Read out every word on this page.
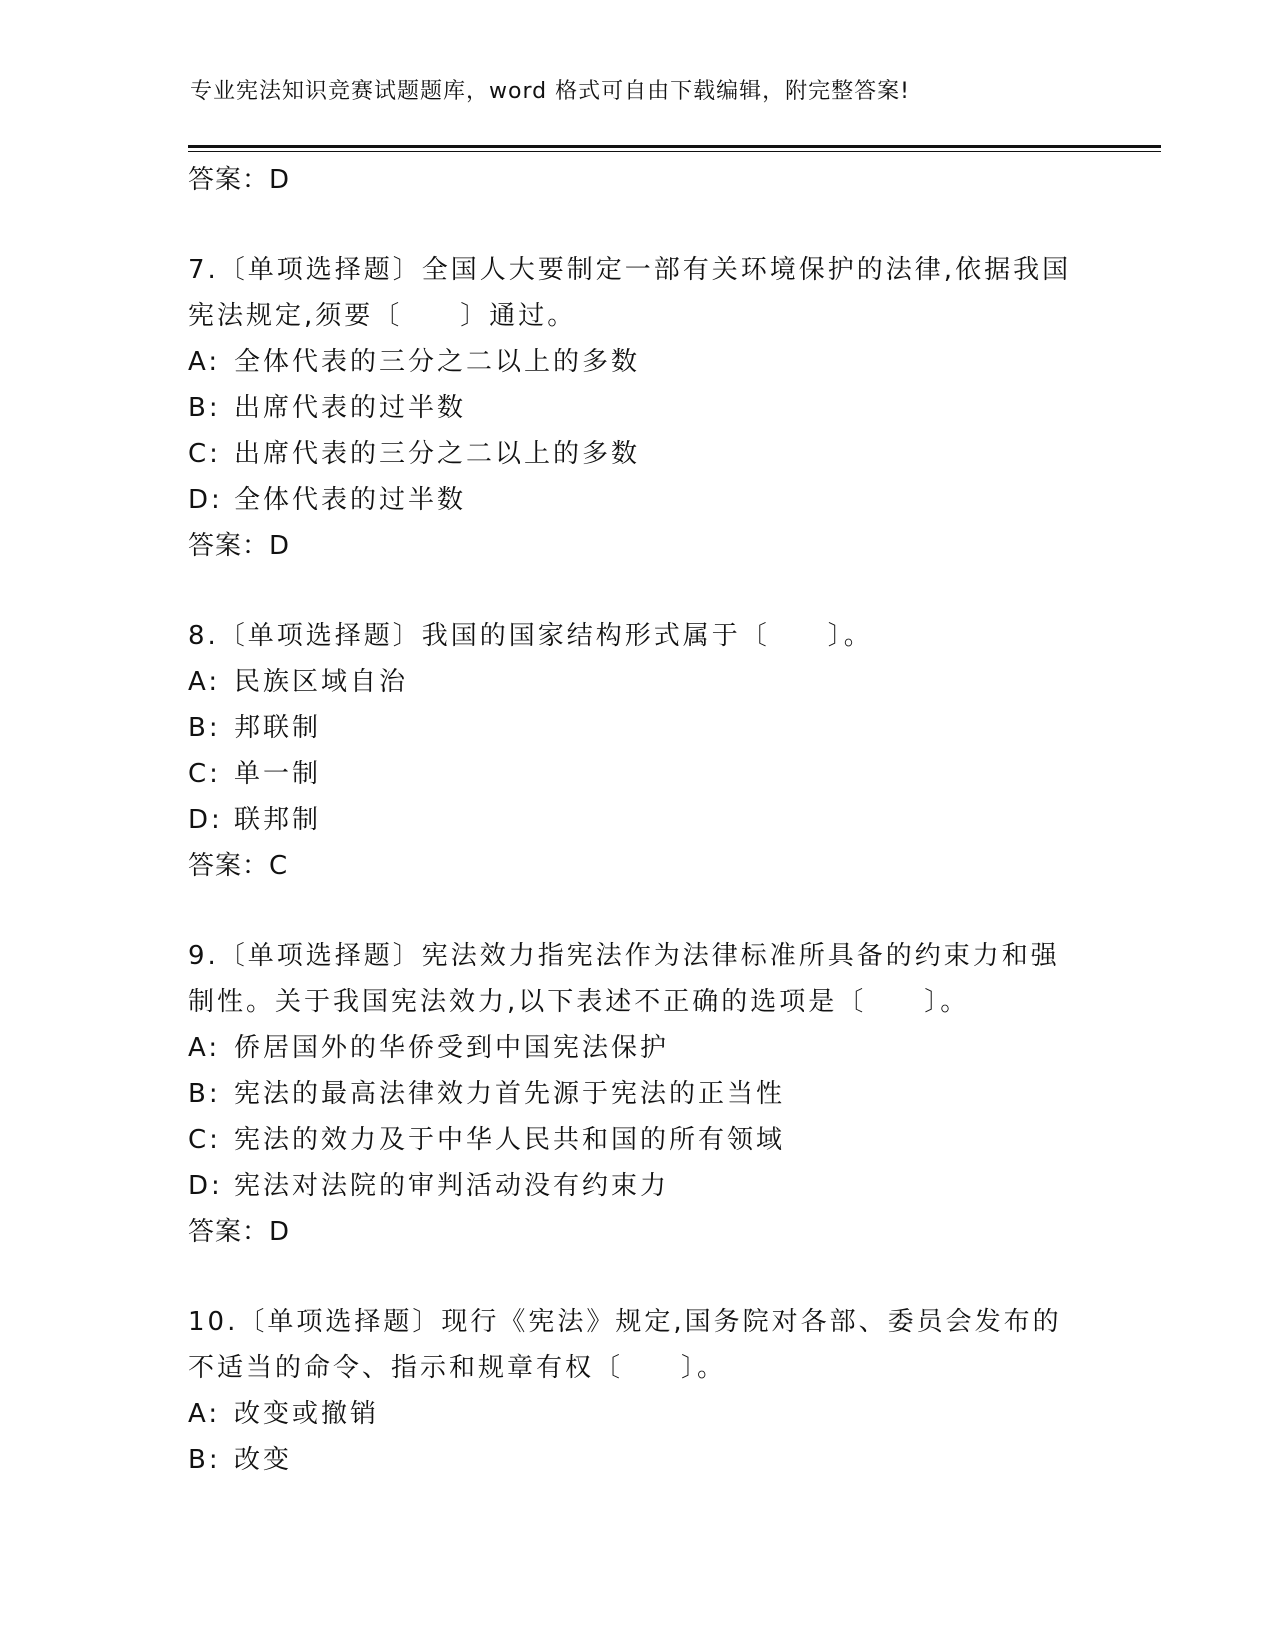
专业宪法知识竞赛试题题库，word 格式可自由下载编辑，附完整答案!
答案：D
7.〔单项选择题〕全国人大要制定一部有关环境保护的法律,依据我国
宪法规定,须要〔　　〕通过。
A: 全体代表的三分之二以上的多数
B: 出席代表的过半数
C: 出席代表的三分之二以上的多数
D: 全体代表的过半数
答案：D
8.〔单项选择题〕我国的国家结构形式属于〔　　〕。
A: 民族区域自治
B: 邦联制
C: 单一制
D: 联邦制
答案：C
9.〔单项选择题〕宪法效力指宪法作为法律标准所具备的约束力和强
制性。关于我国宪法效力,以下表述不正确的选项是〔　　〕。
A: 侨居国外的华侨受到中国宪法保护
B: 宪法的最高法律效力首先源于宪法的正当性
C: 宪法的效力及于中华人民共和国的所有领域
D: 宪法对法院的审判活动没有约束力
答案：D
10.〔单项选择题〕现行《宪法》规定,国务院对各部、委员会发布的
不适当的命令、指示和规章有权〔　　〕。
A: 改变或撤销
B: 改变
